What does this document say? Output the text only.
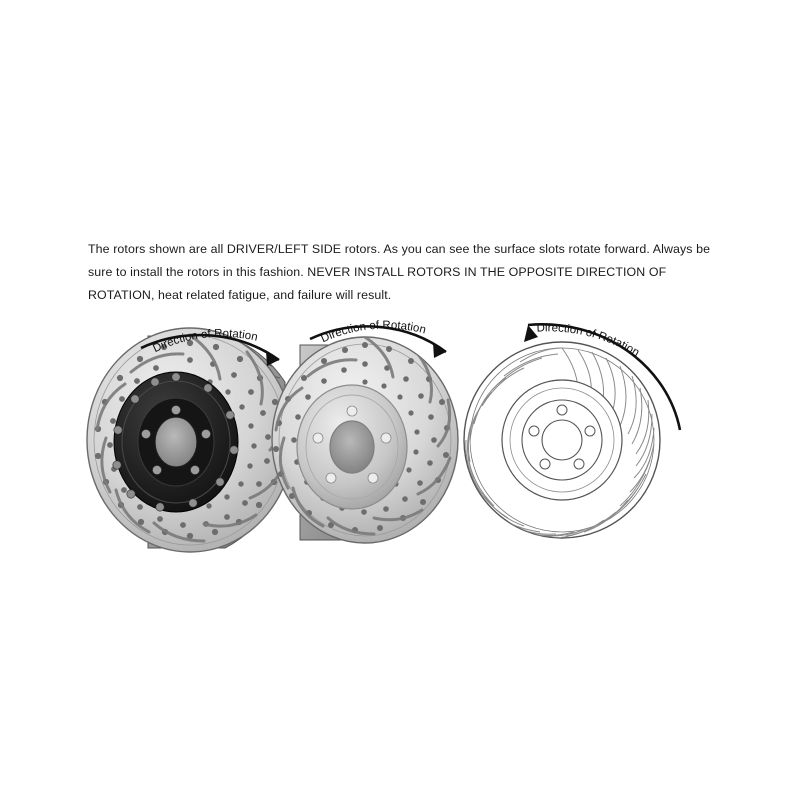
The rotors shown are all DRIVER/LEFT SIDE rotors. As you can see the surface slots rotate forward. Always be sure to install the rotors in this fashion. NEVER INSTALL ROTORS IN THE OPPOSITE DIRECTION OF ROTATION, heat related fatigue, and failure will result.
Direction of Rotation	Direction of Rotation	Direction of Rotation
